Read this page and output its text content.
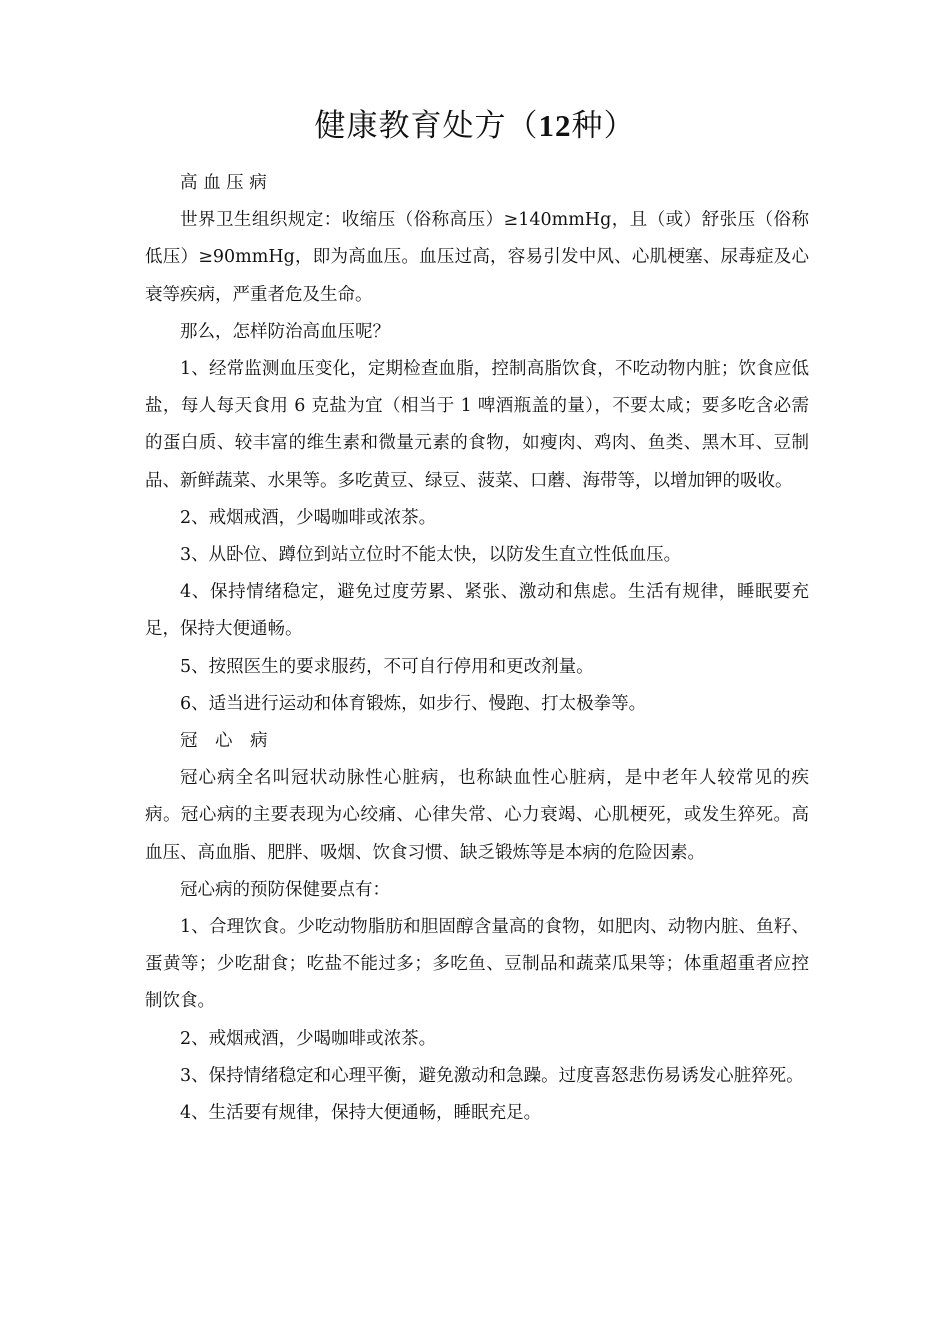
健康教育处方（12种）

高 血 压 病

世界卫生组织规定：收缩压（俗称高压）≥140mmHg，且（或）舒张压（俗称低压）≥90mmHg，即为高血压。血压过高，容易引发中风、心肌梗塞、尿毒症及心衰等疾病，严重者危及生命。

那么，怎样防治高血压呢？

1、经常监测血压变化，定期检查血脂，控制高脂饮食，不吃动物内脏；饮食应低盐，每人每天食用 6 克盐为宜（相当于 1 啤酒瓶盖的量），不要太咸；要多吃含必需的蛋白质、较丰富的维生素和微量元素的食物，如瘦肉、鸡肉、鱼类、黑木耳、豆制品、新鲜蔬菜、水果等。多吃黄豆、绿豆、菠菜、口蘑、海带等，以增加钾的吸收。

2、戒烟戒酒，少喝咖啡或浓茶。

3、从卧位、蹲位到站立位时不能太快，以防发生直立性低血压。

4、保持情绪稳定，避免过度劳累、紧张、激动和焦虑。生活有规律，睡眠要充足，保持大便通畅。

5、按照医生的要求服药，不可自行停用和更改剂量。

6、适当进行运动和体育锻炼，如步行、慢跑、打太极拳等。

冠　心　病

冠心病全名叫冠状动脉性心脏病，也称缺血性心脏病，是中老年人较常见的疾病。冠心病的主要表现为心绞痛、心律失常、心力衰竭、心肌梗死，或发生猝死。高血压、高血脂、肥胖、吸烟、饮食习惯、缺乏锻炼等是本病的危险因素。

冠心病的预防保健要点有：

1、合理饮食。少吃动物脂肪和胆固醇含量高的食物，如肥肉、动物内脏、鱼籽、蛋黄等；少吃甜食；吃盐不能过多；多吃鱼、豆制品和蔬菜瓜果等；体重超重者应控制饮食。

2、戒烟戒酒，少喝咖啡或浓茶。

3、保持情绪稳定和心理平衡，避免激动和急躁。过度喜怒悲伤易诱发心脏猝死。

4、生活要有规律，保持大便通畅，睡眠充足。
